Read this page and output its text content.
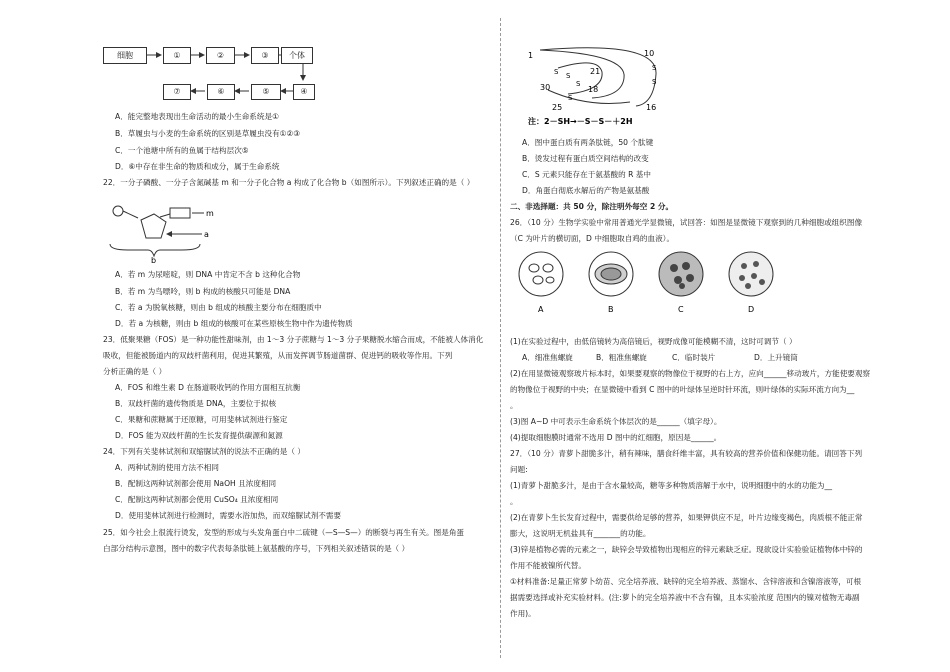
细胞	①	②	③	个体
④
⑤
⑥
⑦
A．能完整地表现出生命活动的最小生命系统是①
B．草履虫与小麦的生命系统的区别是草履虫没有①②③
C．一个池塘中所有的鱼属于结构层次⑤
D．⑥中存在非生命的物质和成分，属于生命系统
22．一分子磷酸、一分子含氮碱基 m 和一分子化合物 a 构成了化合物 b（如图所示）。下列叙述正确的是（ ）
m
a
b
A．若 m 为尿嘧啶，则 DNA 中肯定不含 b 这种化合物
B．若 m 为鸟嘌呤，则 b 构成的核酸只可能是 DNA
C．若 a 为脱氧核糖，则由 b 组成的核酸主要分布在细胞质中
D．若 a 为核糖，则由 b 组成的核酸可在某些原核生物中作为遗传物质
23．低聚果糖（FOS）是一种功能性甜味剂，由 1～3 分子蔗糖与 1～3 分子果糖脱水缩合而成，不能被人体消化
吸收，但能被肠道内的双歧杆菌利用，促进其繁殖，从而发挥调节肠道菌群、促进钙的吸收等作用。下列
分析正确的是（ ）
A．FOS 和维生素 D 在肠道吸收钙的作用方面相互抗衡
B．双歧杆菌的遗传物质是 DNA，主要位于拟核
C．果糖和蔗糖属于还原糖，可用斐林试剂进行鉴定
D．FOS 能为双歧杆菌的生长发育提供碳源和氮源
24．下列有关斐林试剂和双缩脲试剂的说法不正确的是（ ）
A．两种试剂的使用方法不相同
B．配制这两种试剂都会使用 NaOH 且浓度相同
C．配制这两种试剂都会使用 CuSO₄ 且浓度相同
D．使用斐林试剂进行检测时，需要水浴加热，而双缩脲试剂不需要
25．如今社会上很流行烫发，发型的形成与头发角蛋白中二硫键（—S—S—）的断裂与再生有关。图是角蛋
白部分结构示意图，图中的数字代表每条肽链上氨基酸的序号，下列相关叙述错误的是（ ）
1	10
30
21
18
25	16
S S
S
S
S
S
注：2－SH→－S－S－＋2H
A．图中蛋白质有两条肽链，50 个肽键
B．烫发过程有蛋白质空间结构的改变
C．S 元素只能存在于氨基酸的 R 基中
D．角蛋白彻底水解后的产物是氨基酸
二、非选择题：共 50 分，除注明外每空 2 分。
26．（10 分）生物学实验中常用普通光学显微镜，试回答：如图是显微镜下观察到的几种细胞或组织图像
（C 为叶片的横切面，D 中细胞取自鸡的血液）。
A	B	C	D
(1)在实验过程中，由低倍镜转为高倍镜后，视野成像可能模糊不清，这时可调节（ ）
A．细准焦螺旋	B．粗准焦螺旋	C．临时装片	D．上升镜筒
(2)在用显微镜观察玻片标本时，如果要观察的物像位于视野的右上方，应向______移动玻片，方能使要观察
的物像位于视野的中央；在显微镜中看到 C 图中的叶绿体呈逆时针环流，则叶绿体的实际环流方向为__
。
(3)图 A~D 中可表示生命系统个体层次的是______（填字母）。
(4)提取细胞膜时通常不选用 D 图中的红细胞，原因是______。
27．（10 分）青萝卜甜脆多汁，稍有辣味，膳食纤维丰富，具有较高的营养价值和保健功能。请回答下列
问题:
(1)青萝卜甜脆多汁，是由于含水量较高，糖等多种物质溶解于水中，说明细胞中的水的功能为__
。
(2)在青萝卜生长发育过程中，需要供给足够的营养，如果钾供应不足，叶片边缘变褐色，肉质根不能正常
膨大，这说明无机盐具有_______的功能。
(3)锌是植物必需的元素之一，缺锌会导致植物出现相应的锌元素缺乏症。现欲设计实验验证植物体中锌的
作用不能被镍所代替。
①材料准备:足量正常萝卜幼苗、完全培养液、缺锌的完全培养液、蒸馏水、含锌溶液和含镍溶液等，可根
据需要选择或补充实验材料。(注:萝卜的完全培养液中不含有镍，且本实验浓度 范围内的镍对植物无毒副
作用)。
